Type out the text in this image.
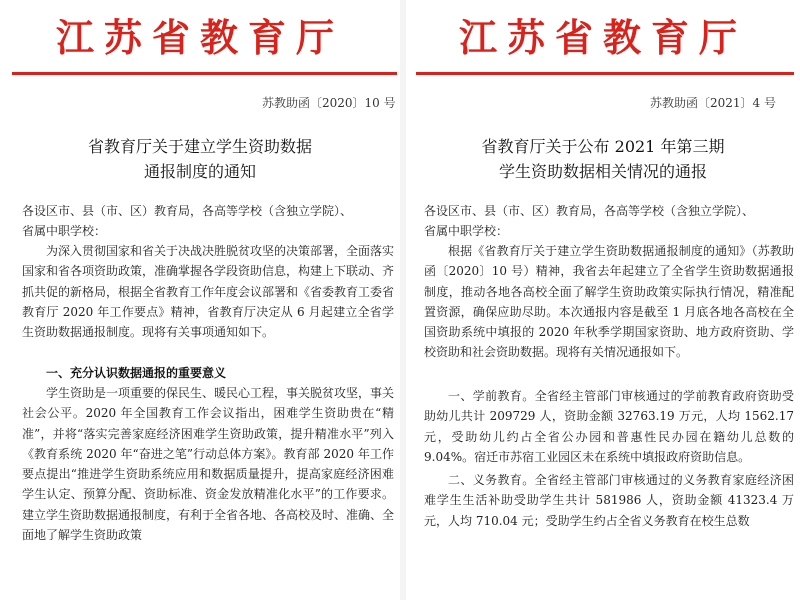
江苏省教育厅
苏教助函〔2020〕10 号
省教育厅关于建立学生资助数据
通报制度的通知
各设区市、县（市、区）教育局，各高等学校（含独立学院）、
省属中职学校：
为深入贯彻国家和省关于决战决胜脱贫攻坚的决策部署，全面落实国家和省各项资助政策，准确掌握各学段资助信息，构建上下联动、齐抓共促的新格局，根据全省教育工作年度会议部署和《省委教育工委省教育厅 2020 年工作要点》精神，省教育厅决定从 6 月起建立全省学生资助数据通报制度。现将有关事项通知如下。
一、充分认识数据通报的重要意义
学生资助是一项重要的保民生、暖民心工程，事关脱贫攻坚，事关社会公平。2020 年全国教育工作会议指出，困难学生资助贵在“精准”，并将“落实完善家庭经济困难学生资助政策，提升精准水平”列入《教育系统 2020 年“奋进之笔”行动总体方案》。教育部 2020 年工作要点提出“推进学生资助系统应用和数据质量提升，提高家庭经济困难学生认定、预算分配、资助标准、资金发放精准化水平”的工作要求。建立学生资助数据通报制度，有利于全省各地、各高校及时、准确、全面地了解学生资助政策
江苏省教育厅
苏教助函〔2021〕4 号
省教育厅关于公布 2021 年第三期
学生资助数据相关情况的通报
各设区市、县（市、区）教育局，各高等学校（含独立学院）、
省属中职学校：
根据《省教育厅关于建立学生资助数据通报制度的通知》（苏教助函〔2020〕10 号）精神，我省去年起建立了全省学生资助数据通报制度，推动各地各高校全面了解学生资助政策实际执行情况，精准配置资源，确保应助尽助。本次通报内容是截至 1 月底各地各高校在全国资助系统中填报的 2020 年秋季学期国家资助、地方政府资助、学校资助和社会资助数据。现将有关情况通报如下。
一、学前教育。全省经主管部门审核通过的学前教育政府资助受助幼儿共计 209729 人，资助金额 32763.19 万元，人均 1562.17 元，受助幼儿约占全省公办园和普惠性民办园在籍幼儿总数的 9.04%。宿迁市苏宿工业园区未在系统中填报政府资助信息。
二、义务教育。全省经主管部门审核通过的义务教育家庭经济困难学生生活补助受助学生共计 581986 人，资助金额 41323.4 万元，人均 710.04 元；受助学生约占全省义务教育在校生总数
